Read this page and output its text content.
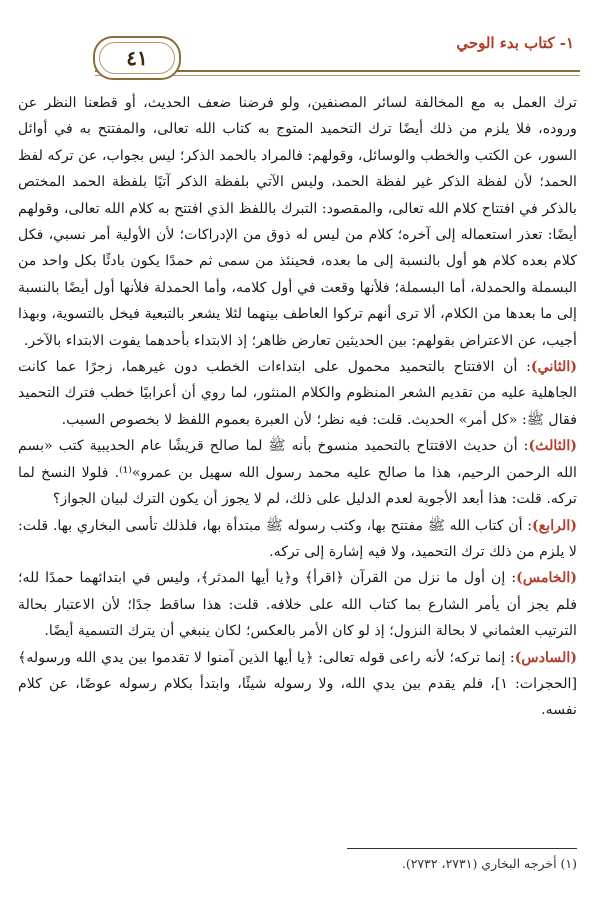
١- كتاب بدء الوحي
٤١

ترك العمل به مع المخالفة لسائر المصنفين، ولو فرضنا ضعف الحديث، أو قطعنا النظر عن وروده، فلا يلزم من ذلك أيضًا ترك التحميد المتوج به كتاب الله تعالى، والمفتتح به في أوائل السور، عن الكتب والخطب والوسائل، وقولهم: فالمراد بالحمد الذكر؛ ليس بجواب، عن تركه لفظ الحمد؛ لأن لفظة الذكر غير لفظة الحمد، وليس الآتي بلفظة الذكر آتيًا بلفظة الحمد المختص بالذكر في افتتاح كلام الله تعالى، والمقصود: التبرك باللفظ الذي افتتح به كلام الله تعالى، وقولهم أيضًا: تعذر استعماله إلى آخره؛ كلام من ليس له ذوق من الإدراكات؛ لأن الأولية أمر نسبي، فكل كلام بعده كلام هو أول بالنسبة إلى ما بعده، فحينئذ من سمى ثم حمدًا يكون بادئًا بكل واحد من البسملة والحمدلة، أما البسملة؛ فلأنها وقعت في أول كلامه، وأما الحمدلة فلأنها أول أيضًا بالنسبة إلى ما بعدها من الكلام، ألا ترى أنهم تركوا العاطف بينهما لئلا يشعر بالتبعية فيخل بالتسوية، وبهذا أجيب، عن الاعتراض بقولهم: بين الحديثين تعارض ظاهر؛ إذ الابتداء بأحدهما يفوت الابتداء بالآخر.

(الثاني): أن الافتتاح بالتحميد محمول على ابتداءات الخطب دون غيرهما، زجرًا عما كانت الجاهلية عليه من تقديم الشعر المنظوم والكلام المنثور، لما روي أن أعرابيًا خطب فترك التحميد فقال ﷺ: «كل أمر» الحديث. قلت: فيه نظر؛ لأن العبرة بعموم اللفظ لا بخصوص السبب.

(الثالث): أن حديث الافتتاح بالتحميد منسوخ بأنه ﷺ لما صالح قريشًا عام الحديبية كتب «بسم الله الرحمن الرحيم، هذا ما صالح عليه محمد رسول الله سهيل بن عمرو»⁽¹⁾. فلولا النسخ لما تركه. قلت: هذا أبعد الأجوبة لعدم الدليل على ذلك، لم لا يجوز أن يكون الترك لبيان الجواز؟

(الرابع): أن كتاب الله ﷺ مفتتح بها، وكتب رسوله ﷺ مبتدأة بها، فلذلك تأسى البخاري بها. قلت: لا يلزم من ذلك ترك التحميد، ولا فيه إشارة إلى تركه.

(الخامس): إن أول ما نزل من القرآن ﴿اقرأ﴾ و﴿يا أيها المدثر﴾، وليس في ابتدائهما حمدًا لله؛ فلم يجز أن يأمر الشارع بما كتاب الله على خلافه. قلت: هذا ساقط جدًا؛ لأن الاعتبار بحالة الترتيب العثماني لا بحالة النزول؛ إذ لو كان الأمر بالعكس؛ لكان ينبغي أن يترك التسمية أيضًا.

(السادس): إنما تركه؛ لأنه راعى قوله تعالى: ﴿يا أيها الذين آمنوا لا تقدموا بين يدي الله ورسوله﴾ [الحجرات: ١]، فلم يقدم بين يدي الله، ولا رسوله شيئًا، وابتدأ بكلام رسوله عوضًا، عن كلام نفسه.

(١) أخرجه البخاري (٢٧٣١، ٢٧٣٢).
